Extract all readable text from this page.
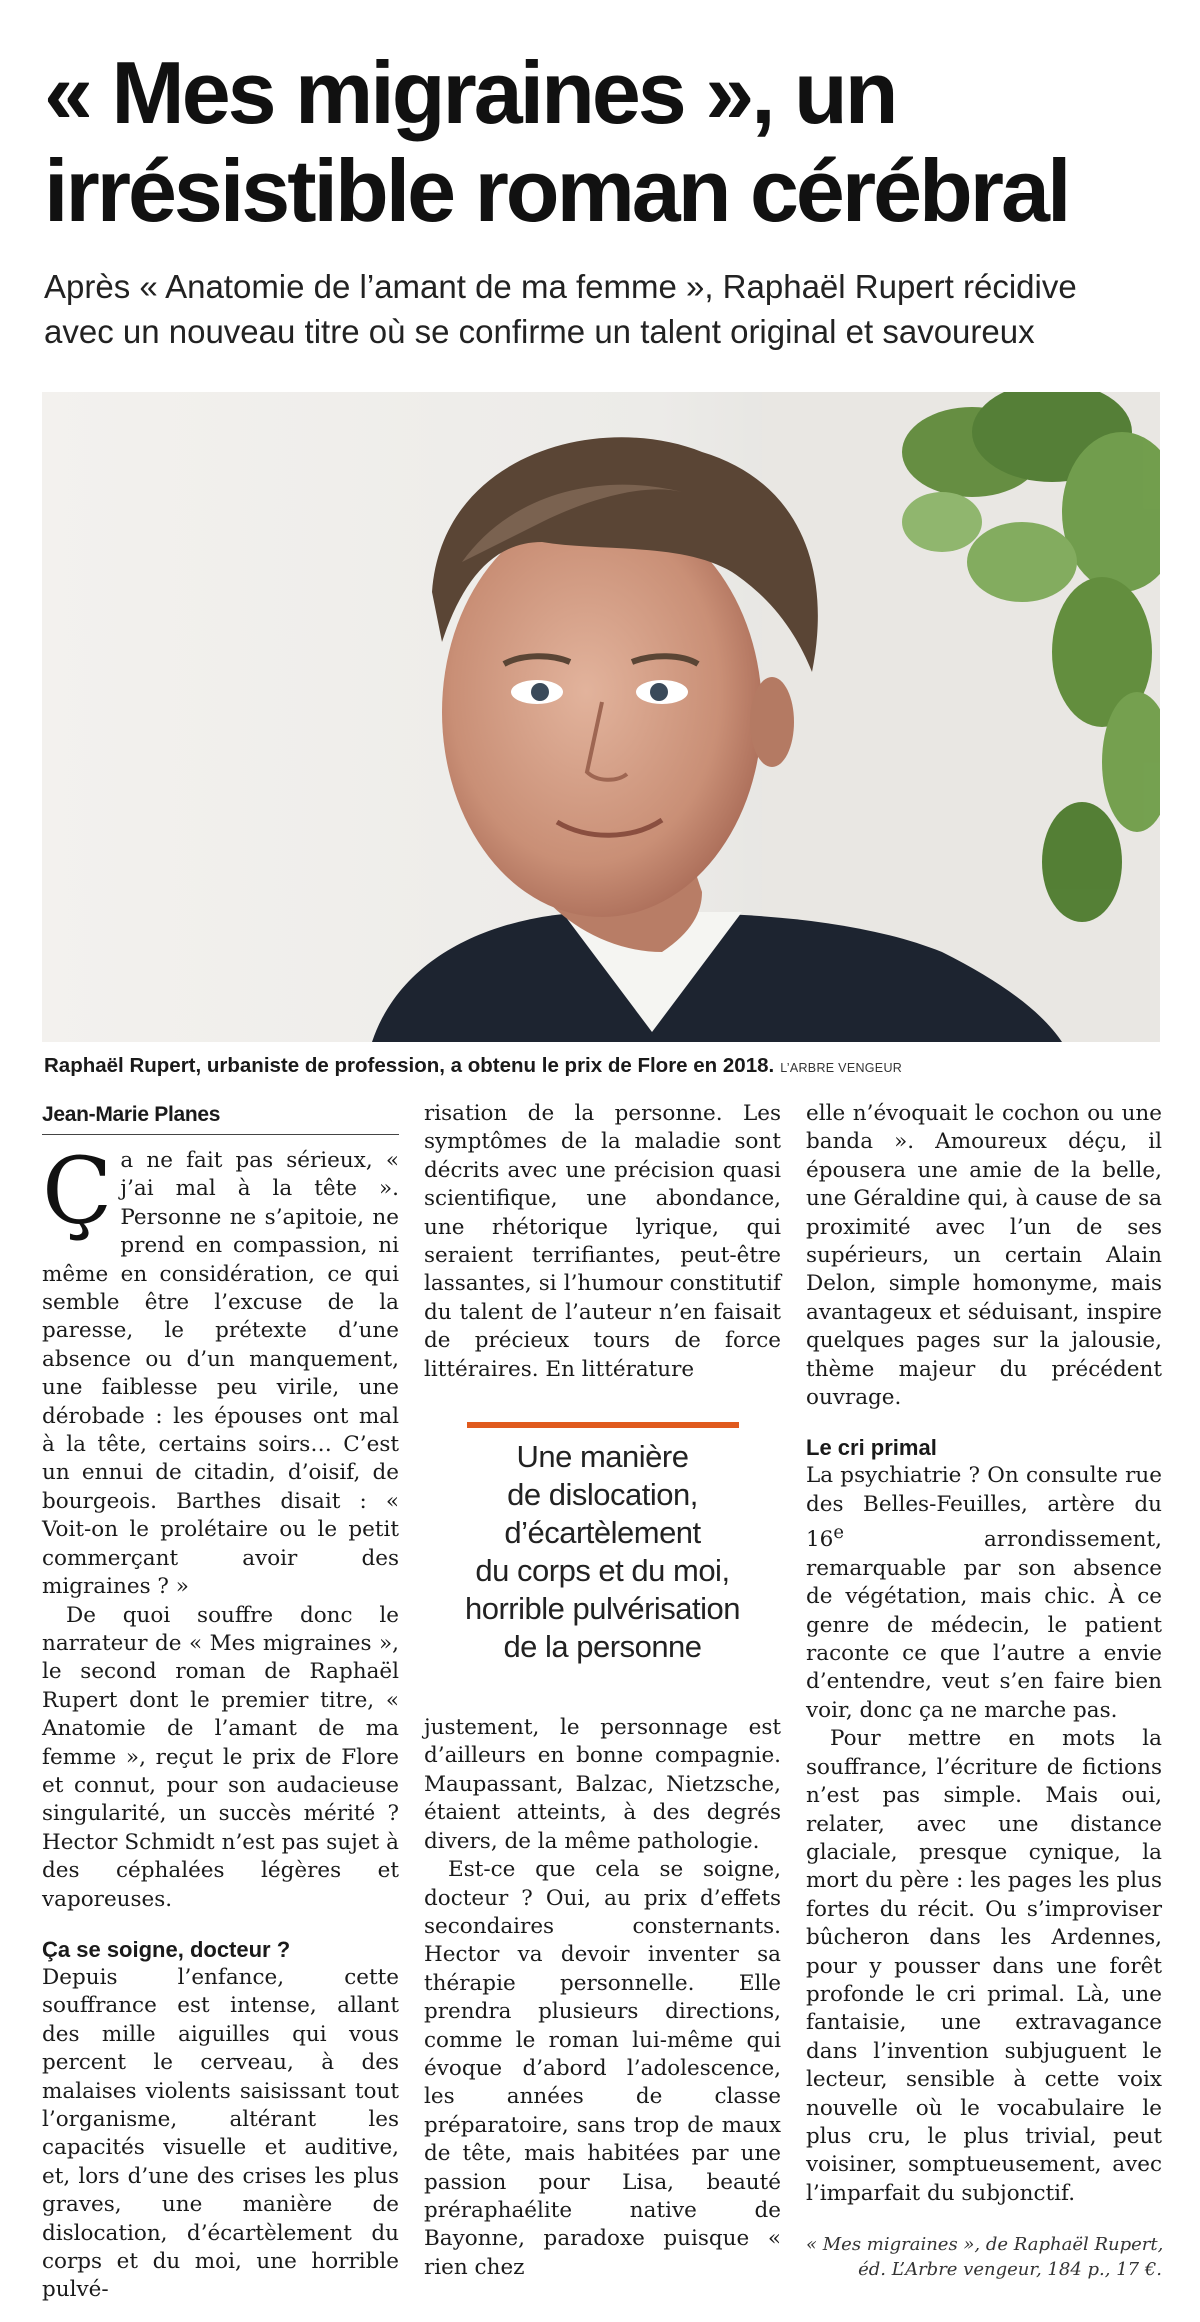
« Mes migraines », un
irrésistible roman cérébral
Après « Anatomie de l’amant de ma femme », Raphaël Rupert récidive
avec un nouveau titre où se confirme un talent original et savoureux
Raphaël Rupert, urbaniste de profession, a obtenu le prix de Flore en 2018. L’ARBRE VENGEUR
Jean-Marie Planes

Ça ne fait pas sérieux, « j’ai mal à la tête ». Personne ne s’apitoie, ne prend en compassion, ni même en considération, ce qui semble être l’excuse de la paresse, le prétexte d’une absence ou d’un manquement, une faiblesse peu virile, une dérobade : les épouses ont mal à la tête, certains soirs… C’est un ennui de citadin, d’oisif, de bourgeois. Barthes disait : « Voit-on le prolétaire ou le petit commerçant avoir des migraines ? »

De quoi souffre donc le narrateur de « Mes migraines », le second roman de Raphaël Rupert dont le premier titre, « Anatomie de l’amant de ma femme », reçut le prix de Flore et connut, pour son audacieuse singularité, un succès mérité ? Hector Schmidt n’est pas sujet à des céphalées légères et vaporeuses.

Ça se soigne, docteur ?

Depuis l’enfance, cette souffrance est intense, allant des mille aiguilles qui vous percent le cerveau, à des malaises violents saisissant tout l’organisme, altérant les capacités visuelle et auditive, et, lors d’une des crises les plus graves, une manière de dislocation, d’écartèlement du corps et du moi, une horrible pulvé-

risation de la personne. Les symptômes de la maladie sont décrits avec une précision quasi scientifique, une abondance, une rhétorique lyrique, qui seraient terrifiantes, peut-être lassantes, si l’humour constitutif du talent de l’auteur n’en faisait de précieux tours de force littéraires. En littérature

Une manière
de dislocation,
d’écartèlement
du corps et du moi,
horrible pulvérisation
de la personne

justement, le personnage est d’ailleurs en bonne compagnie. Maupassant, Balzac, Nietzsche, étaient atteints, à des degrés divers, de la même pathologie.

Est-ce que cela se soigne, docteur ? Oui, au prix d’effets secondaires consternants. Hector va devoir inventer sa thérapie personnelle. Elle prendra plusieurs directions, comme le roman lui-même qui évoque d’abord l’adolescence, les années de classe préparatoire, sans trop de maux de tête, mais habitées par une passion pour Lisa, beauté préraphaélite native de Bayonne, paradoxe puisque « rien chez

elle n’évoquait le cochon ou une banda ». Amoureux déçu, il épousera une amie de la belle, une Géraldine qui, à cause de sa proximité avec l’un de ses supérieurs, un certain Alain Delon, simple homonyme, mais avantageux et séduisant, inspire quelques pages sur la jalousie, thème majeur du précédent ouvrage.

Le cri primal

La psychiatrie ? On consulte rue des Belles-Feuilles, artère du 16e arrondissement, remarquable par son absence de végétation, mais chic. À ce genre de médecin, le patient raconte ce que l’autre a envie d’entendre, veut s’en faire bien voir, donc ça ne marche pas.

Pour mettre en mots la souffrance, l’écriture de fictions n’est pas simple. Mais oui, relater, avec une distance glaciale, presque cynique, la mort du père : les pages les plus fortes du récit. Ou s’improviser bûcheron dans les Ardennes, pour y pousser dans une forêt profonde le cri primal. Là, une fantaisie, une extravagance dans l’invention subjuguent le lecteur, sensible à cette voix nouvelle où le vocabulaire le plus cru, le plus trivial, peut voisiner, somptueusement, avec l’imparfait du subjonctif.

« Mes migraines », de Raphaël Rupert,
éd. L’Arbre vengeur, 184 p., 17 €.
